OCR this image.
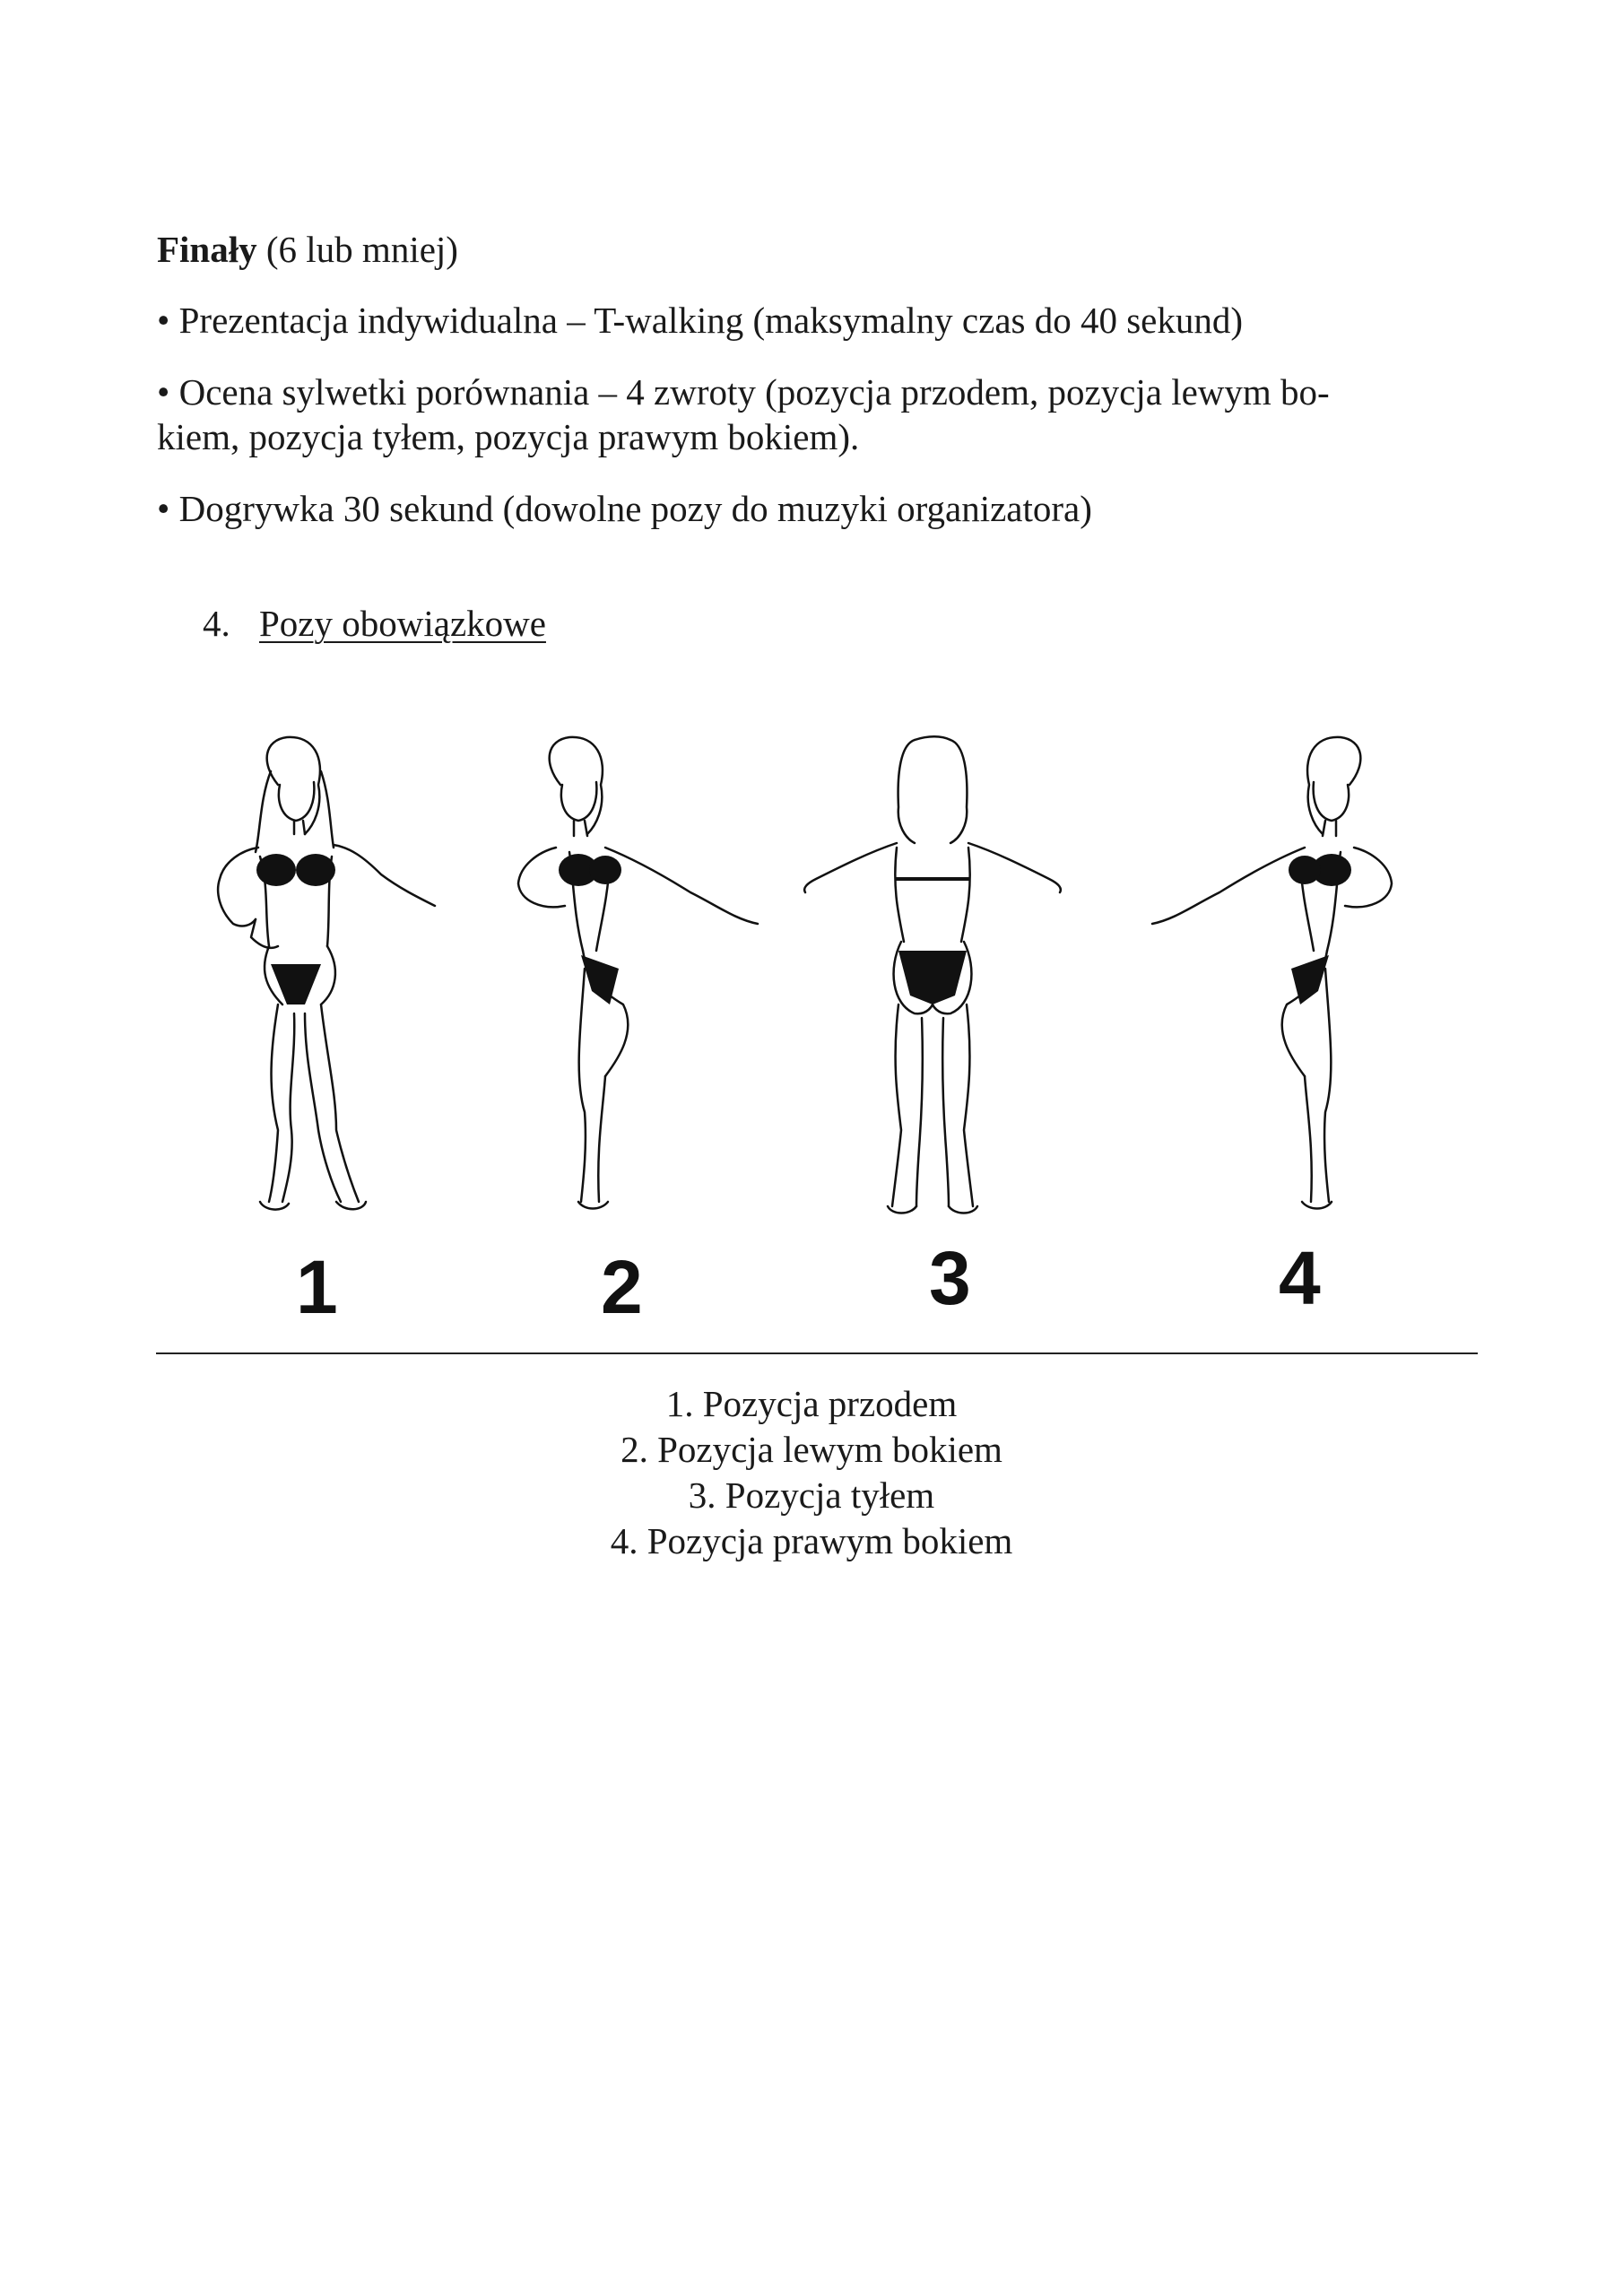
Finały (6 lub mniej)
• Prezentacja indywidualna – T-walking (maksymalny czas do 40 sekund)
• Ocena sylwetki porównania – 4 zwroty (pozycja przodem, pozycja lewym bo-
kiem, pozycja tyłem, pozycja prawym bokiem).
• Dogrywka 30 sekund (dowolne pozy do muzyki organizatora)
4. Pozy obowiązkowe
1	2	3	4
1. Pozycja przodem
2. Pozycja lewym bokiem
3. Pozycja tyłem
4. Pozycja prawym bokiem
